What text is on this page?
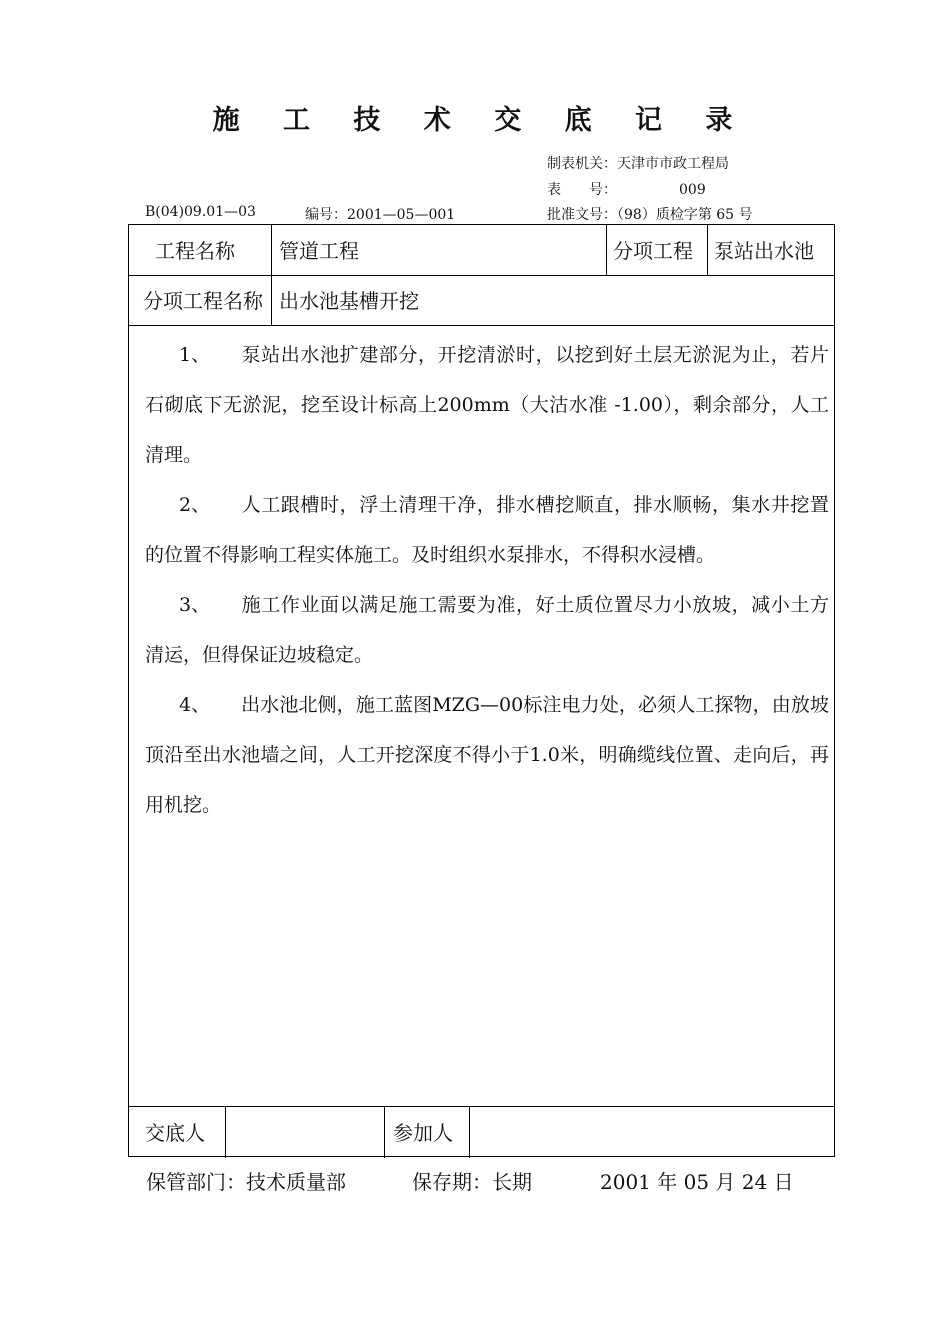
施 工 技 术 交 底 记 录
制表机关：天津市市政工程局
表　　号：	009
B(04)09.01—03	编号：2001—05—001	批准文号：（98）质检字第 65 号
工程名称 管道工程	分项工程 泵站出水池
分项工程名称 出水池基槽开挖

1、 泵站出水池扩建部分，开挖清淤时，以挖到好土层无淤泥为止，若片石砌底下无淤泥，挖至设计标高上200mm（大沽水准 -1.00），剩余部分，人工清理。

2、 人工跟槽时，浮土清理干净，排水槽挖顺直，排水顺畅，集水井挖置的位置不得影响工程实体施工。及时组织水泵排水，不得积水浸槽。

3、 施工作业面以满足施工需要为准，好土质位置尽力小放坡，减小土方清运，但得保证边坡稳定。

4、 出水池北侧，施工蓝图MZG—00标注电力处，必须人工探物，由放坡顶沿至出水池墙之间，人工开挖深度不得小于1.0米，明确缆线位置、走向后，再用机挖。

交底人	参加人
保管部门：技术质量部	保存期：长期	2001 年 05 月 24 日
